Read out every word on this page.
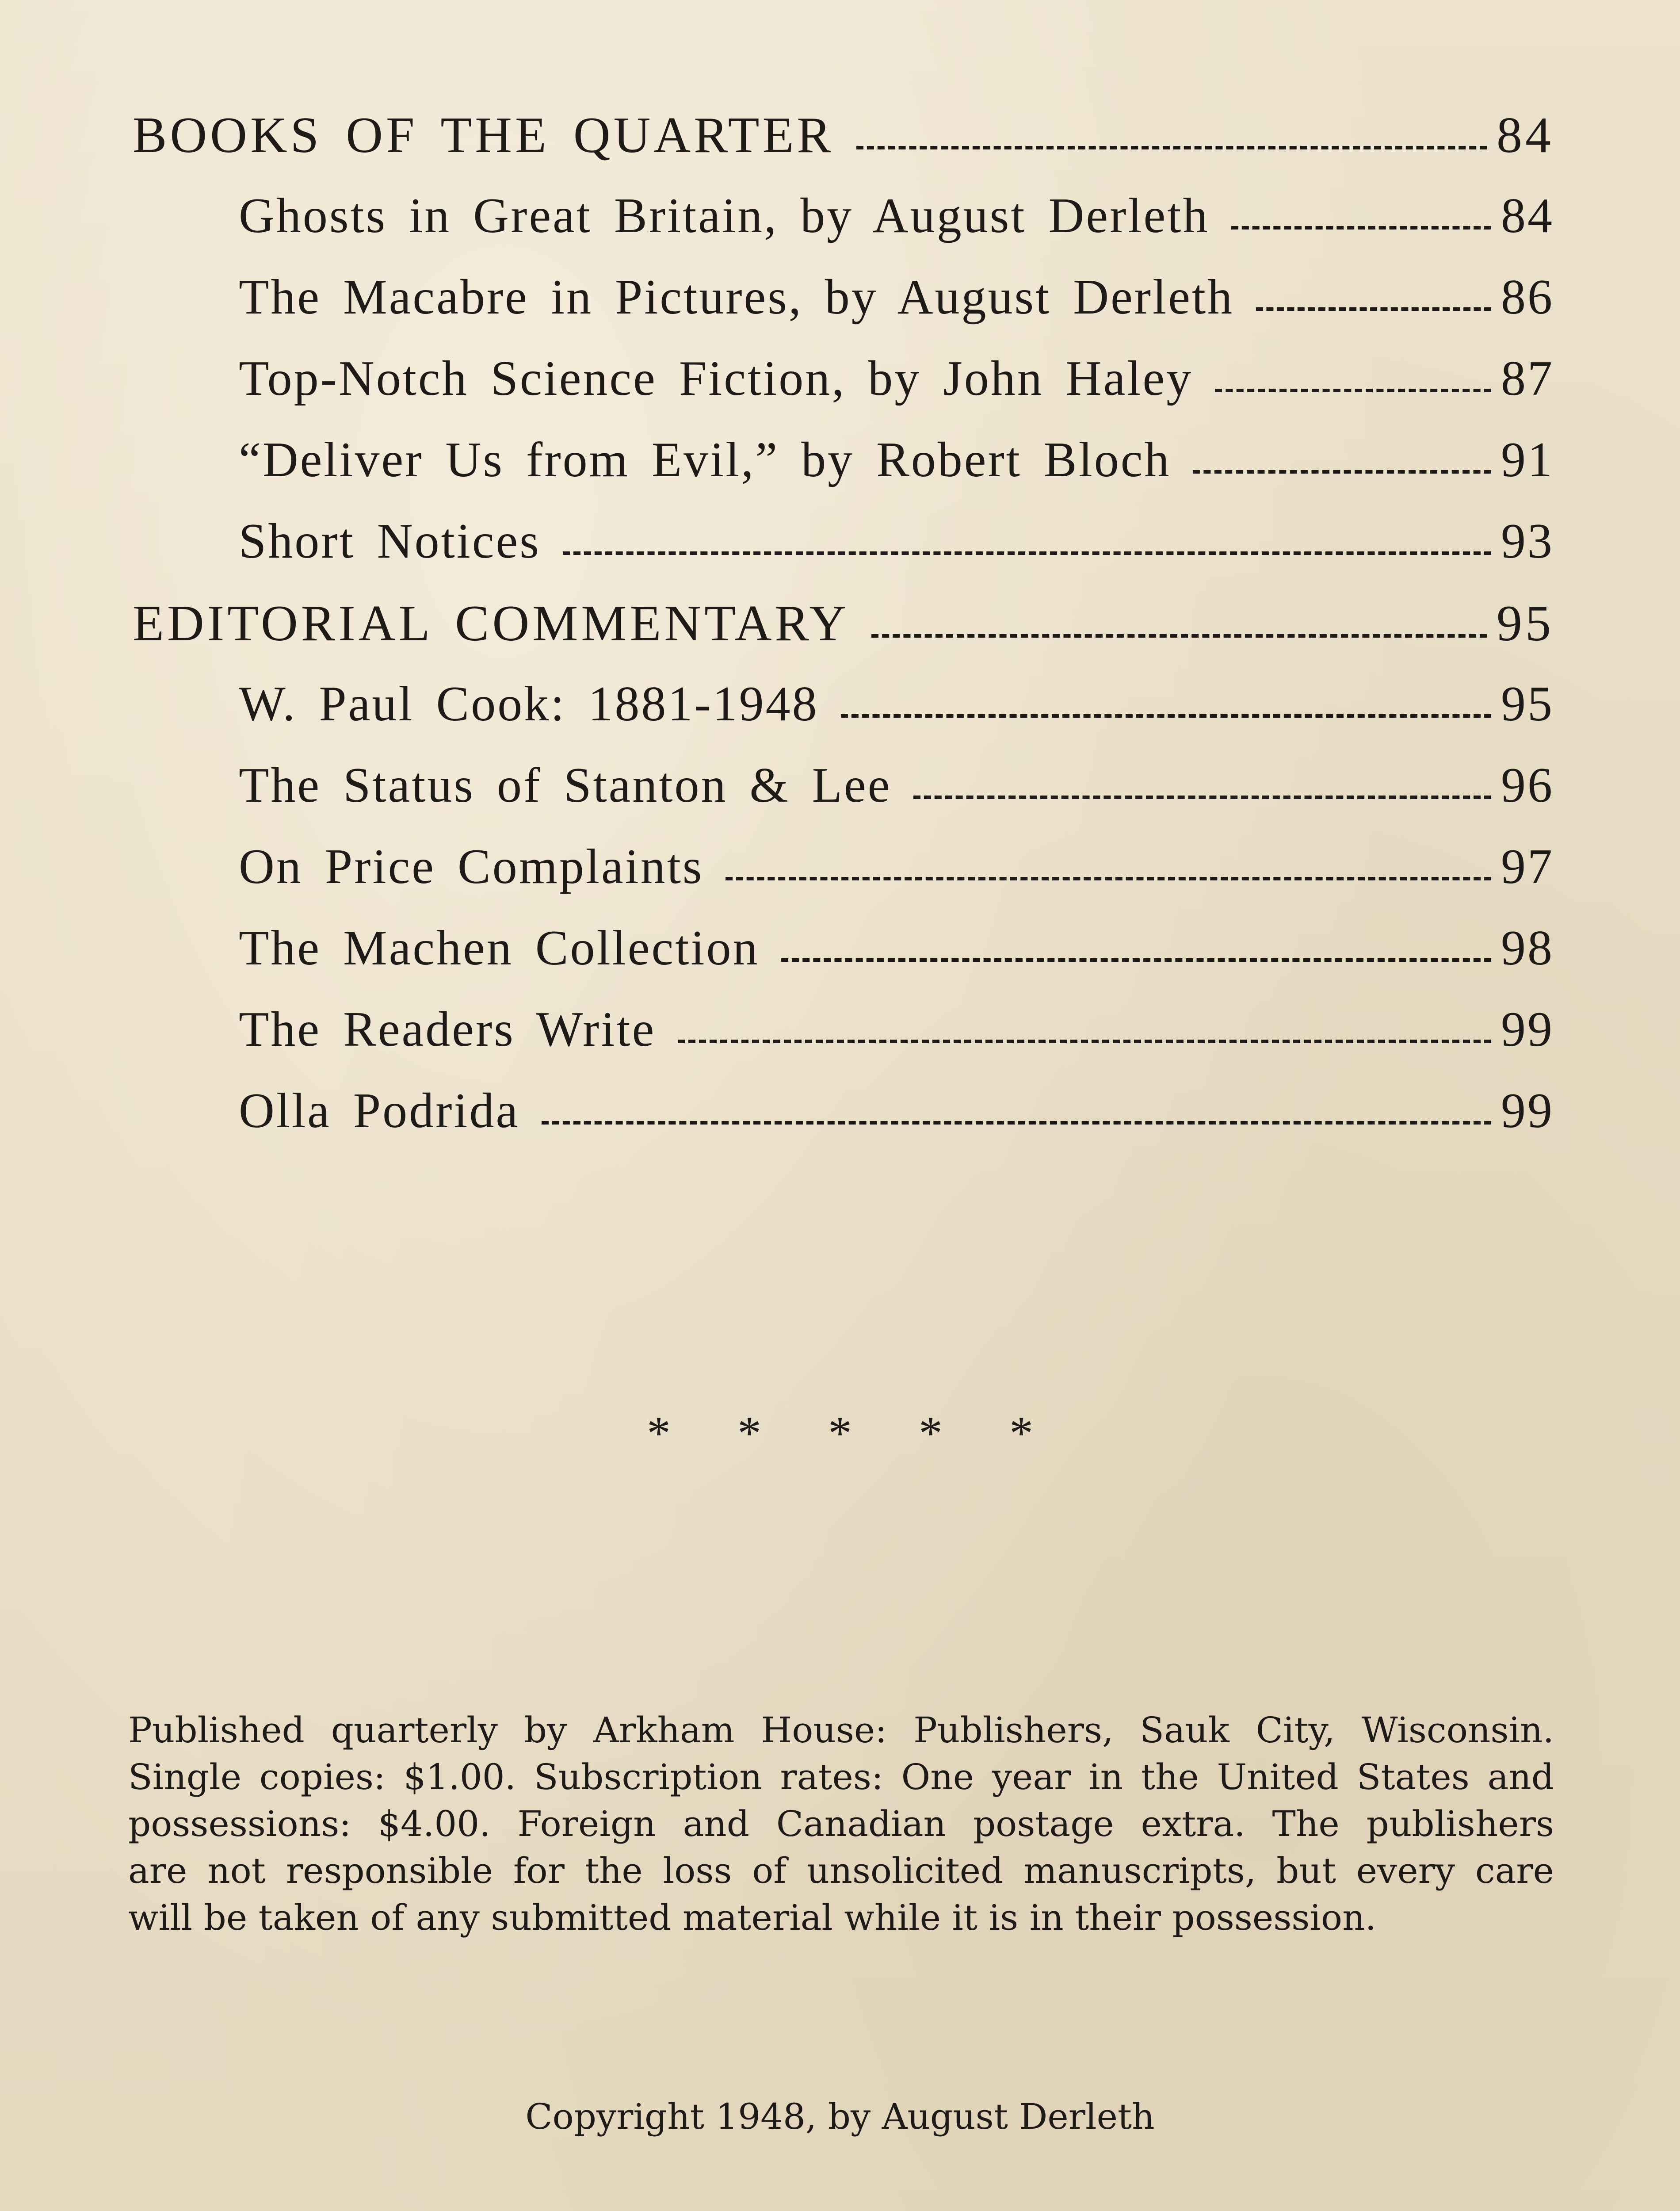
BOOKS OF THE QUARTER	84
Ghosts in Great Britain, by August Derleth	84
The Macabre in Pictures, by August Derleth	86
Top-Notch Science Fiction, by John Haley	87
“Deliver Us from Evil,” by Robert Bloch	91
Short Notices	93
EDITORIAL COMMENTARY	95
W. Paul Cook: 1881-1948	95
The Status of Stanton & Lee	96
On Price Complaints	97
The Machen Collection	98
The Readers Write	99
Olla Podrida	99
* * * * *

Published quarterly by Arkham House: Publishers, Sauk City, Wisconsin.
Single copies: $1.00. Subscription rates: One year in the United States and
possessions: $4.00. Foreign and Canadian postage extra. The publishers
are not responsible for the loss of unsolicited manuscripts, but every care
will be taken of any submitted material while it is in their possession.

Copyright 1948, by August Derleth
